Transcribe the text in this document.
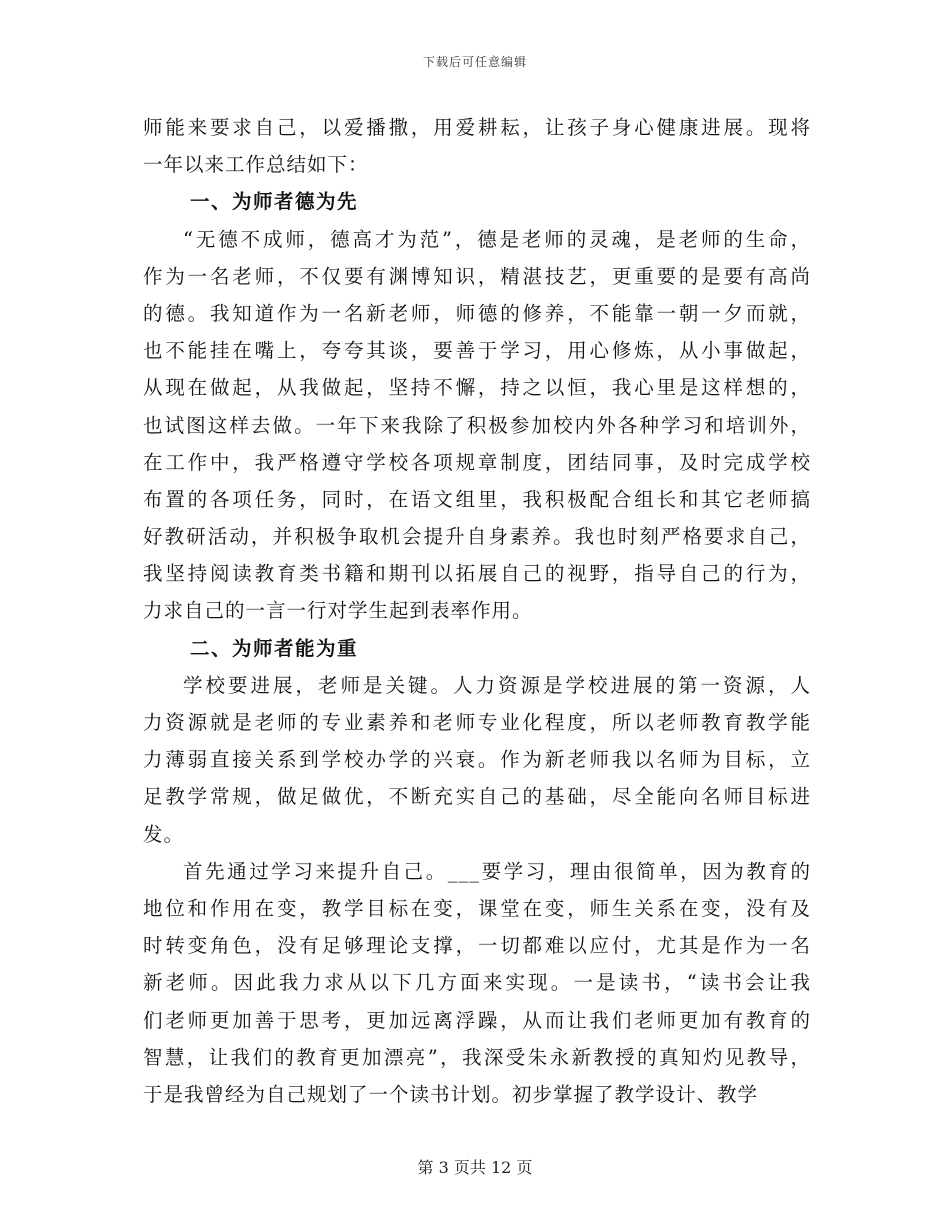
下载后可任意编辑
师能来要求自己，以爱播撒，用爱耕耘，让孩子身心健康进展。现将
一年以来工作总结如下：
一、为师者德为先
“无德不成师，德高才为范”，德是老师的灵魂，是老师的生命，
作为一名老师，不仅要有渊博知识，精湛技艺，更重要的是要有高尚
的德。我知道作为一名新老师，师德的修养，不能靠一朝一夕而就，
也不能挂在嘴上，夸夸其谈，要善于学习，用心修炼，从小事做起，
从现在做起，从我做起，坚持不懈，持之以恒，我心里是这样想的，
也试图这样去做。一年下来我除了积极参加校内外各种学习和培训外，
在工作中，我严格遵守学校各项规章制度，团结同事，及时完成学校
布置的各项任务，同时，在语文组里，我积极配合组长和其它老师搞
好教研活动，并积极争取机会提升自身素养。我也时刻严格要求自己，
我坚持阅读教育类书籍和期刊以拓展自己的视野，指导自己的行为，
力求自己的一言一行对学生起到表率作用。
二、为师者能为重
学校要进展，老师是关键。人力资源是学校进展的第一资源，人
力资源就是老师的专业素养和老师专业化程度，所以老师教育教学能
力薄弱直接关系到学校办学的兴衰。作为新老师我以名师为目标，立
足教学常规，做足做优，不断充实自己的基础，尽全能向名师目标进
发。
首先通过学习来提升自己。___要学习，理由很简单，因为教育的
地位和作用在变，教学目标在变，课堂在变，师生关系在变，没有及
时转变角色，没有足够理论支撑，一切都难以应付，尤其是作为一名
新老师。因此我力求从以下几方面来实现。一是读书，“读书会让我
们老师更加善于思考，更加远离浮躁，从而让我们老师更加有教育的
智慧，让我们的教育更加漂亮”，我深受朱永新教授的真知灼见教导，
于是我曾经为自己规划了一个读书计划。初步掌握了教学设计、教学
第 3 页共 12 页
